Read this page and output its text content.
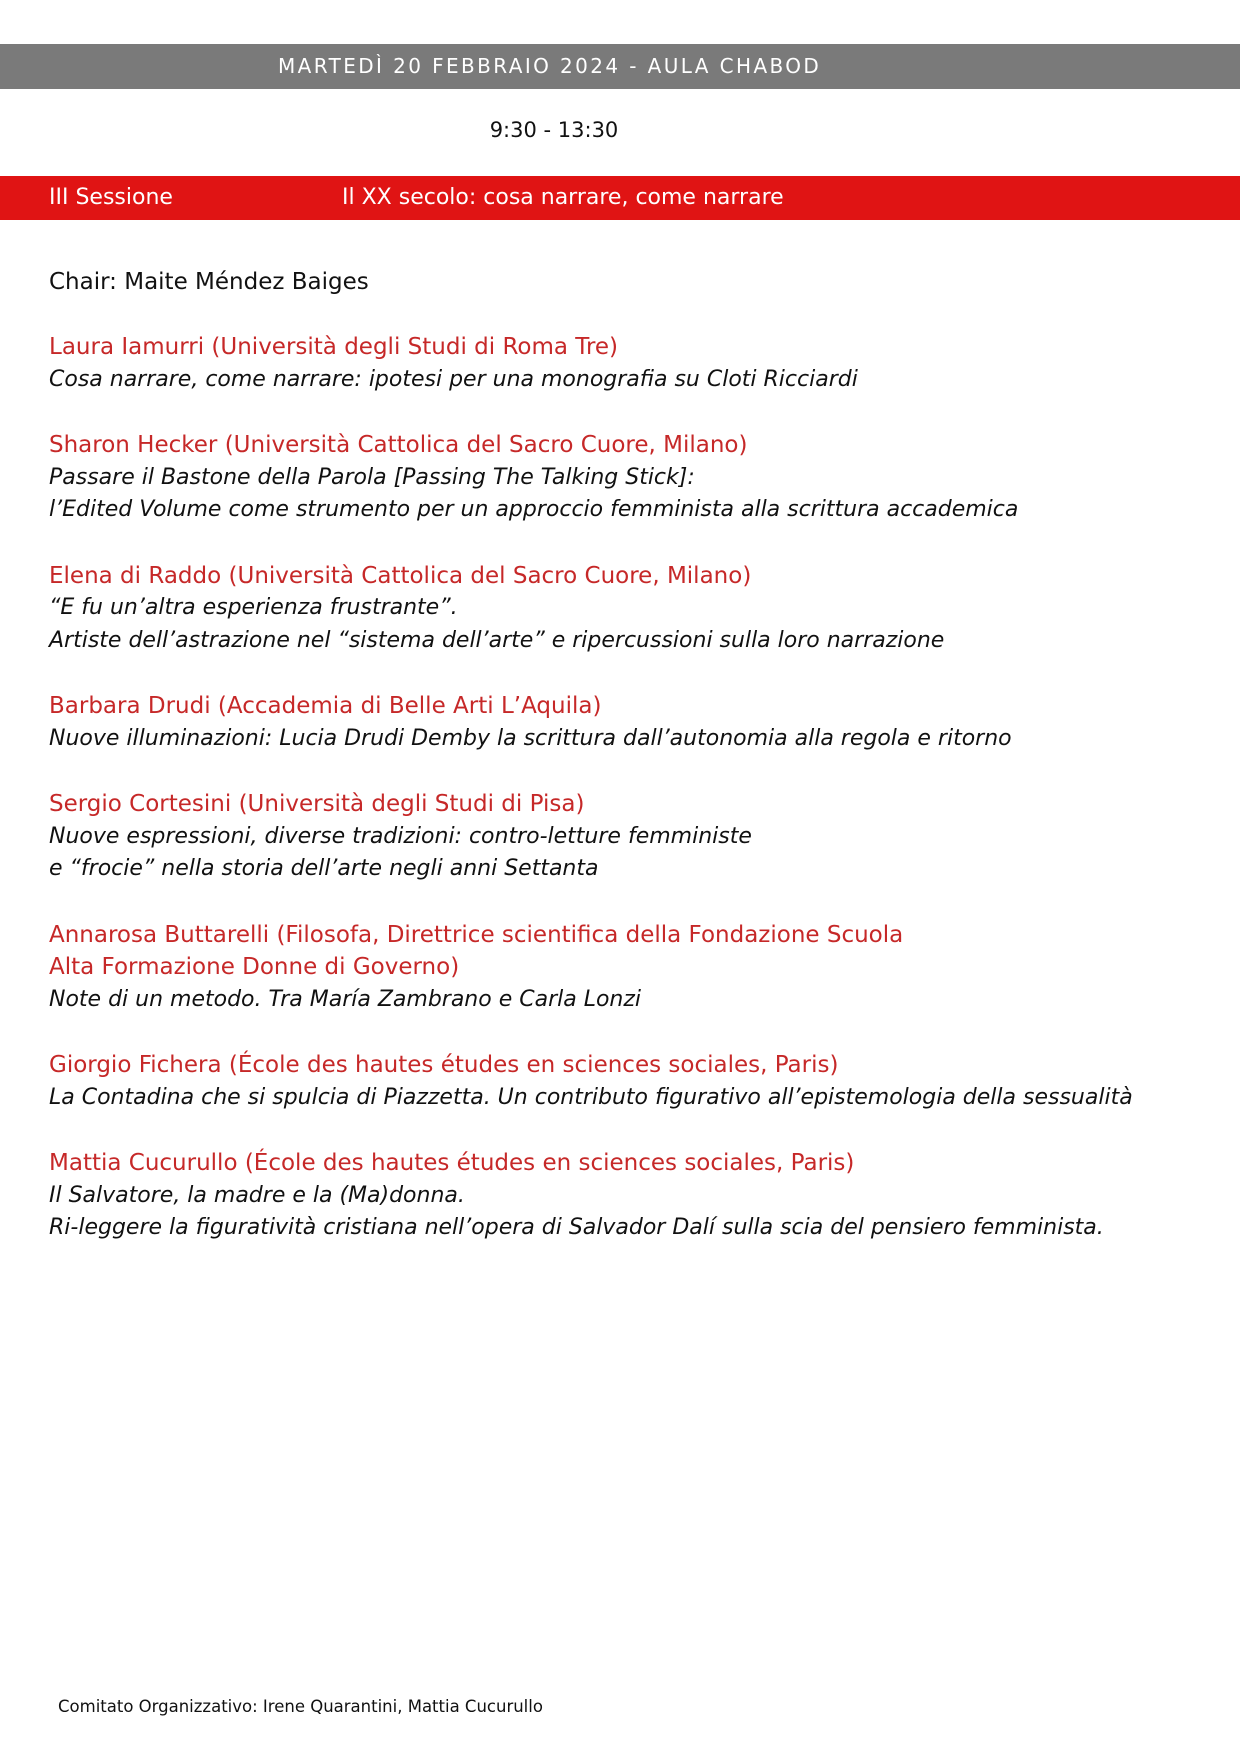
MARTEDÌ 20 FEBBRAIO 2024 - AULA CHABOD
9:30 - 13:30
III Sessione	Il XX secolo: cosa narrare, come narrare
Chair: Maite Méndez Baiges
Laura Iamurri (Università degli Studi di Roma Tre)
Cosa narrare, come narrare: ipotesi per una monografia su Cloti Ricciardi
Sharon Hecker (Università Cattolica del Sacro Cuore, Milano)
Passare il Bastone della Parola [Passing The Talking Stick]:
l’Edited Volume come strumento per un approccio femminista alla scrittura accademica
Elena di Raddo (Università Cattolica del Sacro Cuore, Milano)
“E fu un’altra esperienza frustrante”.
Artiste dell’astrazione nel “sistema dell’arte” e ripercussioni sulla loro narrazione
Barbara Drudi (Accademia di Belle Arti L’Aquila)
Nuove illuminazioni: Lucia Drudi Demby la scrittura dall’autonomia alla regola e ritorno
Sergio Cortesini (Università degli Studi di Pisa)
Nuove espressioni, diverse tradizioni: contro-letture femministe
e “frocie” nella storia dell’arte negli anni Settanta
Annarosa Buttarelli (Filosofa, Direttrice scientifica della Fondazione Scuola
Alta Formazione Donne di Governo)
Note di un metodo. Tra María Zambrano e Carla Lonzi
Giorgio Fichera (École des hautes études en sciences sociales, Paris)
La Contadina che si spulcia di Piazzetta. Un contributo figurativo all’epistemologia della sessualità
Mattia Cucurullo (École des hautes études en sciences sociales, Paris)
Il Salvatore, la madre e la (Ma)donna.
Ri-leggere la figuratività cristiana nell’opera di Salvador Dalí sulla scia del pensiero femminista.
Comitato Organizzativo: Irene Quarantini, Mattia Cucurullo
